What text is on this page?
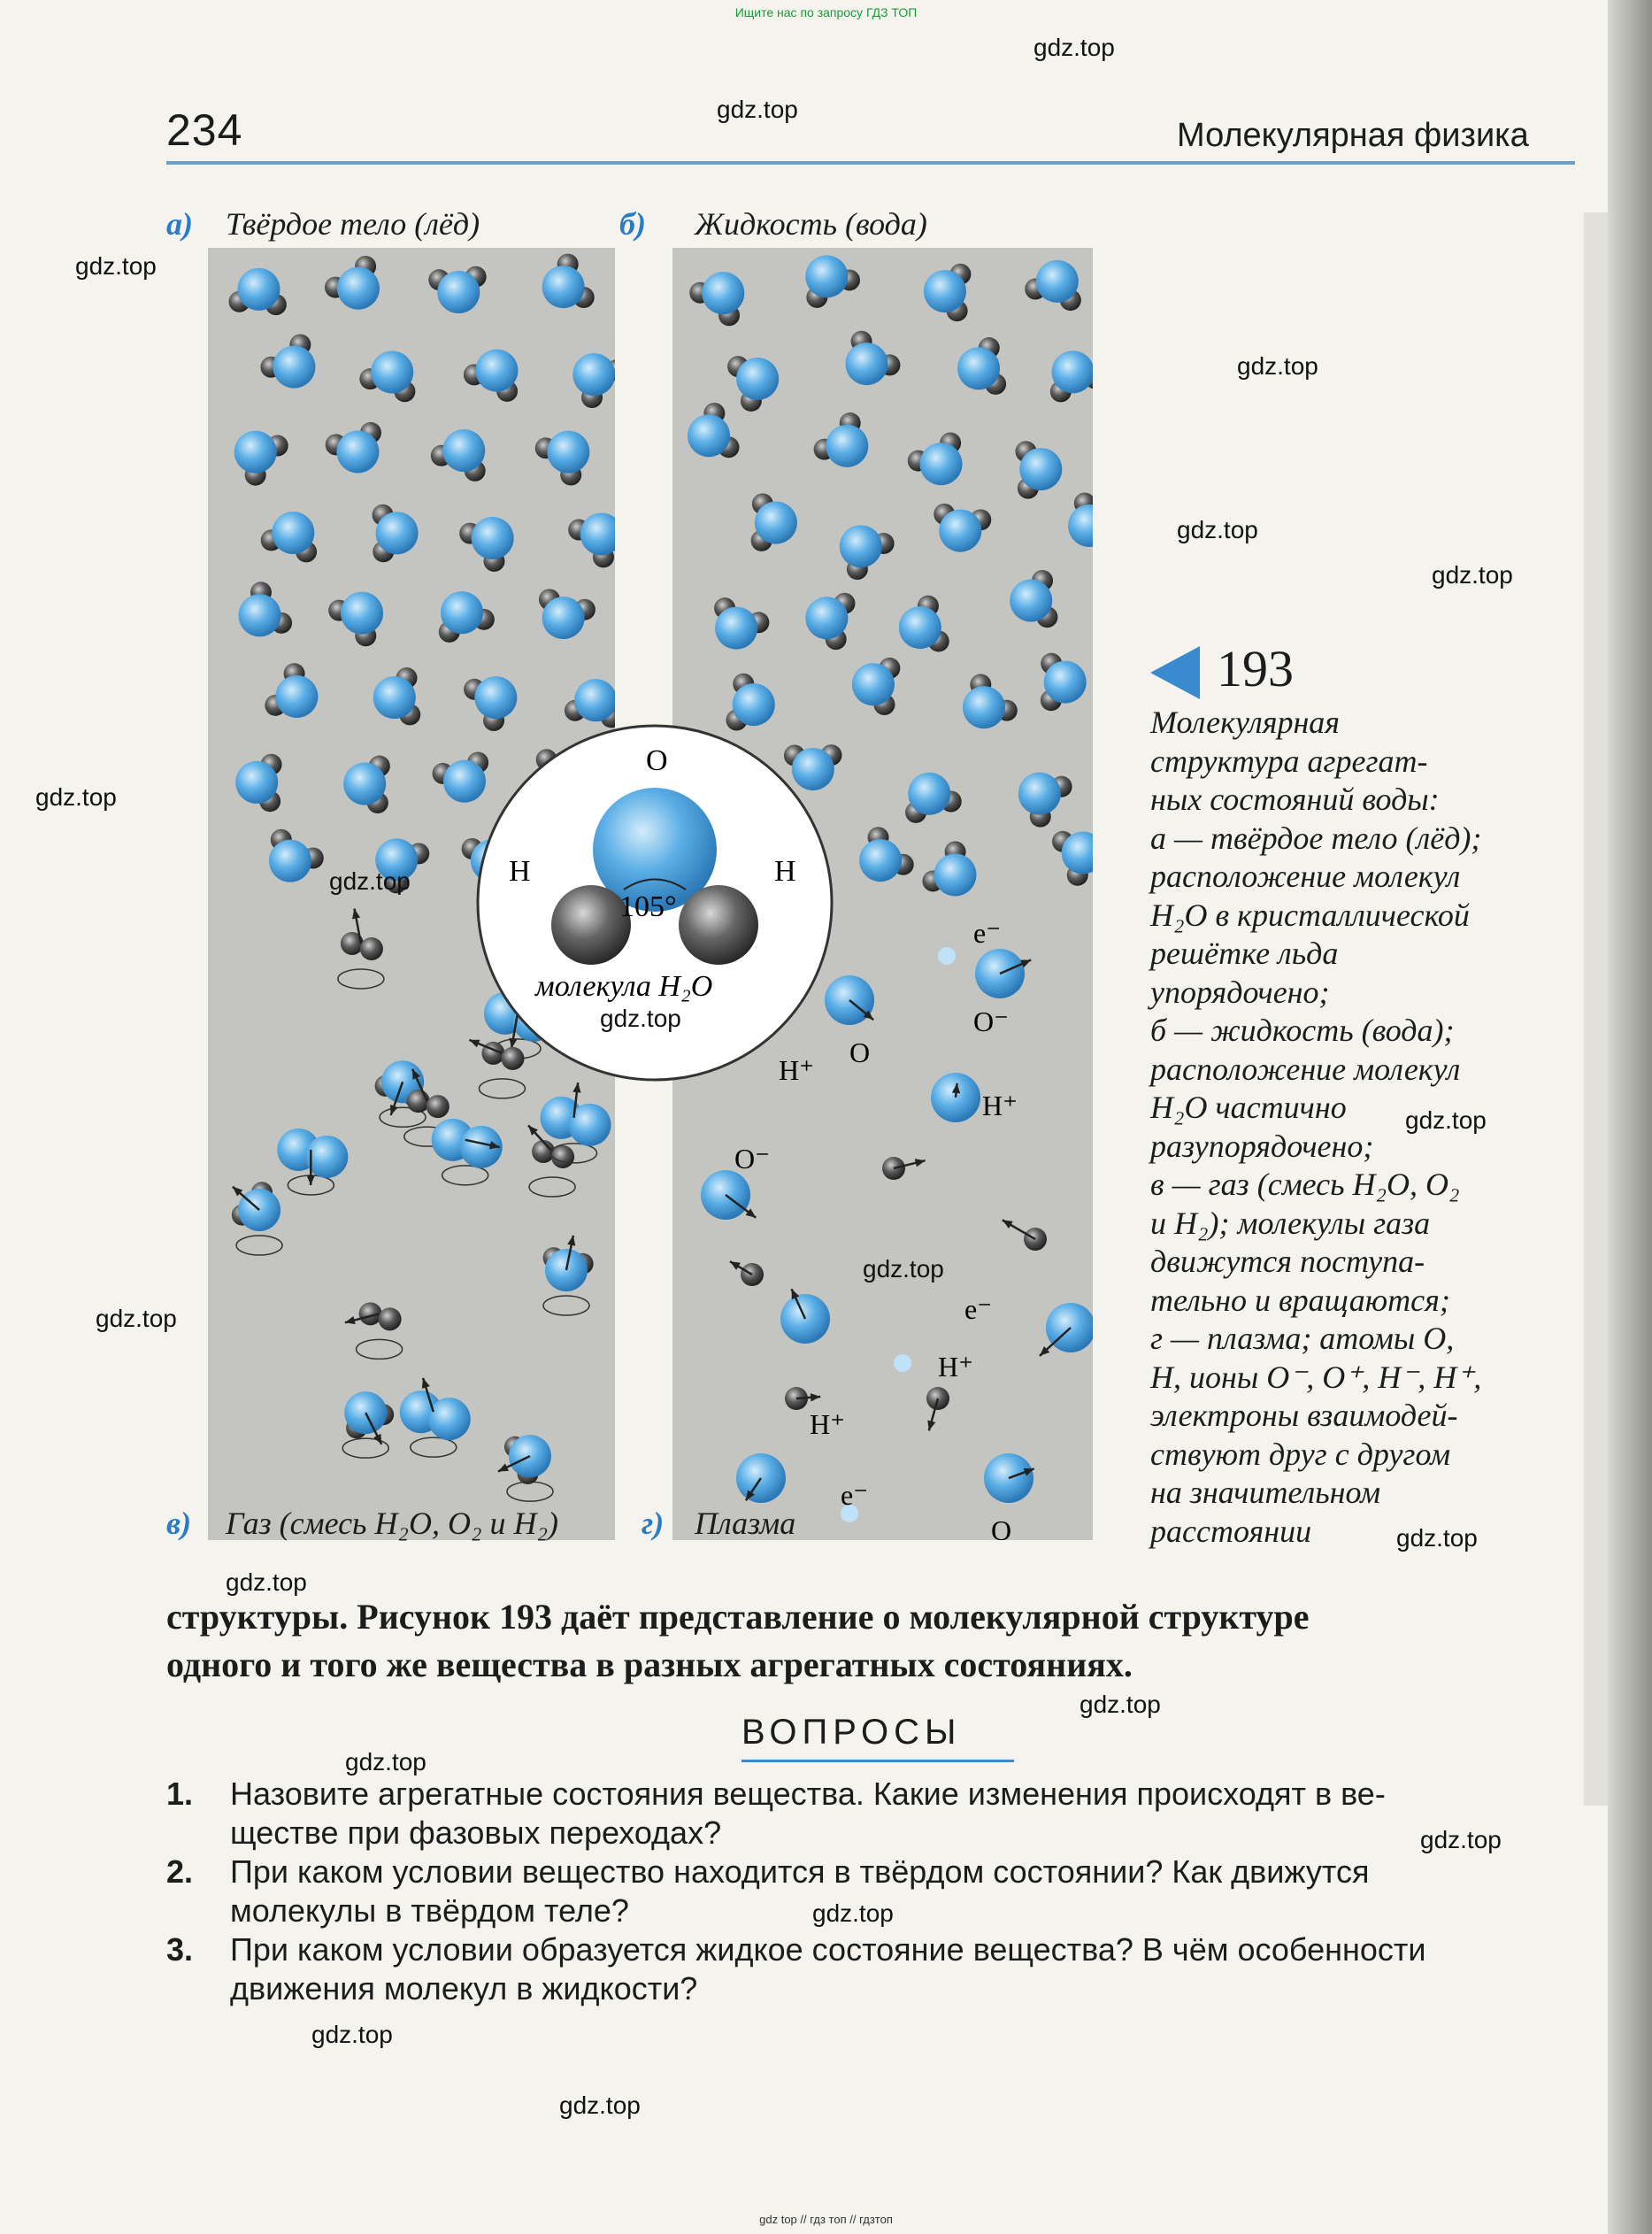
Ищите нас по запросу ГДЗ ТОП
234	Молекулярная физика
а) Твёрдое тело (лёд)	б) Жидкость (вода)
e⁻
O⁻
O
H⁺
H⁺
O⁻
e⁻
H⁺
H⁺
e⁻
O
в) Газ (смесь H₂O, O₂ и H₂)	г) Плазма
O
H	H
105°
молекула H₂O
193
Молекулярная
структура агрегат-
ных состояний воды:
а — твёрдое тело (лёд);
расположение молекул
H₂O в кристаллической
решётке льда
упорядочено;
б — жидкость (вода);
расположение молекул
H₂O частично
разупорядочено;
в — газ (смесь H₂O, O₂
и H₂); молекулы газа
движутся поступа-
тельно и вращаются;
г — плазма; атомы O,
H, ионы O⁻, O⁺, H⁻, H⁺,
электроны взаимодей-
ствуют друг с другом
на значительном
расстоянии
структуры. Рисунок 193 даёт представление о молекулярной структуре
одного и того же вещества в разных агрегатных состояниях.
ВОПРОСЫ
1. Назовите агрегатные состояния вещества. Какие изменения происходят в ве-
ществе при фазовых переходах?
2. При каком условии вещество находится в твёрдом состоянии? Как движутся
молекулы в твёрдом теле?
3. При каком условии образуется жидкое состояние вещества? В чём особенности
движения молекул в жидкости?
gdz top // гдз топ // гдзтоп
gdz.top
gdz.top
gdz.top
gdz.top
gdz.top
gdz.top
gdz.top
gdz.top
gdz.top
gdz.top
gdz.top
gdz.top
gdz.top
gdz.top
gdz.top
gdz.top
gdz.top
gdz.top
gdz.top
gdz.top
